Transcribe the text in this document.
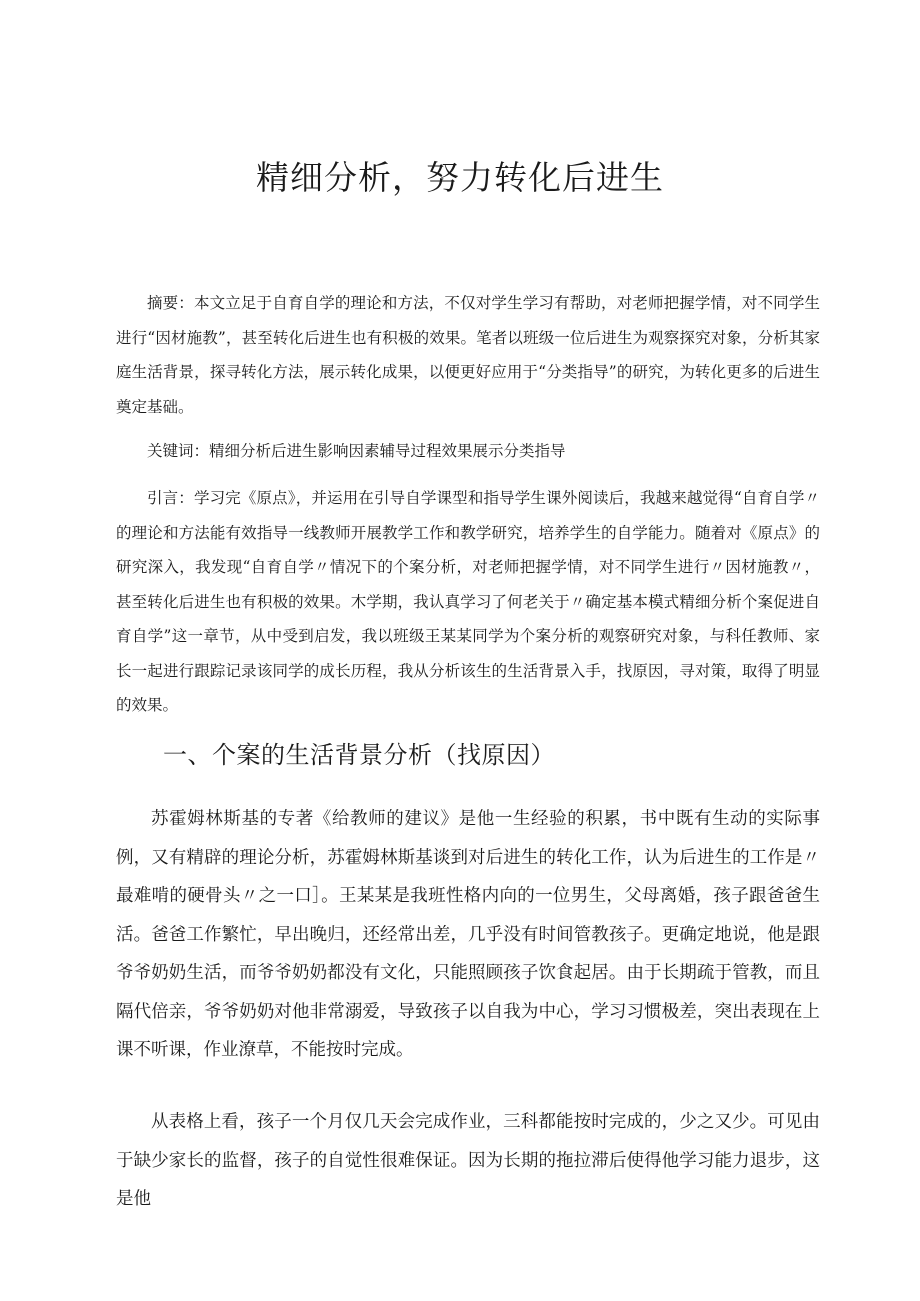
精细分析，努力转化后进生

摘要：本文立足于自育自学的理论和方法，不仅对学生学习有帮助，对老师把握学情，对不同学生进行“因材施教”，甚至转化后进生也有积极的效果。笔者以班级一位后进生为观察探究对象，分析其家庭生活背景，探寻转化方法，展示转化成果，以便更好应用于“分类指导”的研究，为转化更多的后进生奠定基础。

关键词：精细分析后进生影响因素辅导过程效果展示分类指导

引言：学习完《原点》，并运用在引导自学课型和指导学生课外阅读后，我越来越觉得“自育自学〃的理论和方法能有效指导一线教师开展教学工作和教学研究，培养学生的自学能力。随着对《原点》的研究深入，我发现“自育自学〃情况下的个案分析，对老师把握学情，对不同学生进行〃因材施教〃，甚至转化后进生也有积极的效果。木学期，我认真学习了何老关于〃确定基本模式精细分析个案促进自育自学”这一章节，从中受到启发，我以班级王某某同学为个案分析的观察研究对象，与科任教师、家长一起进行跟踪记录该同学的成长历程，我从分析该生的生活背景入手，找原因，寻对策，取得了明显的效果。

一、个案的生活背景分析（找原因）

苏霍姆林斯基的专著《给教师的建议》是他一生经验的积累，书中既有生动的实际事例，又有精辟的理论分析，苏霍姆林斯基谈到对后进生的转化工作，认为后进生的工作是〃最难啃的硬骨头〃之一口］。王某某是我班性格内向的一位男生，父母离婚，孩子跟爸爸生活。爸爸工作繁忙，早出晚归，还经常出差，几乎没有时间管教孩子。更确定地说，他是跟爷爷奶奶生活，而爷爷奶奶都没有文化，只能照顾孩子饮食起居。由于长期疏于管教，而且隔代倍亲，爷爷奶奶对他非常溺爱，导致孩子以自我为中心，学习习惯极差，突出表现在上课不听课，作业潦草，不能按时完成。

从表格上看，孩子一个月仅几天会完成作业，三科都能按时完成的，少之又少。可见由于缺少家长的监督，孩子的自觉性很难保证。因为长期的拖拉滞后使得他学习能力退步，这是他
